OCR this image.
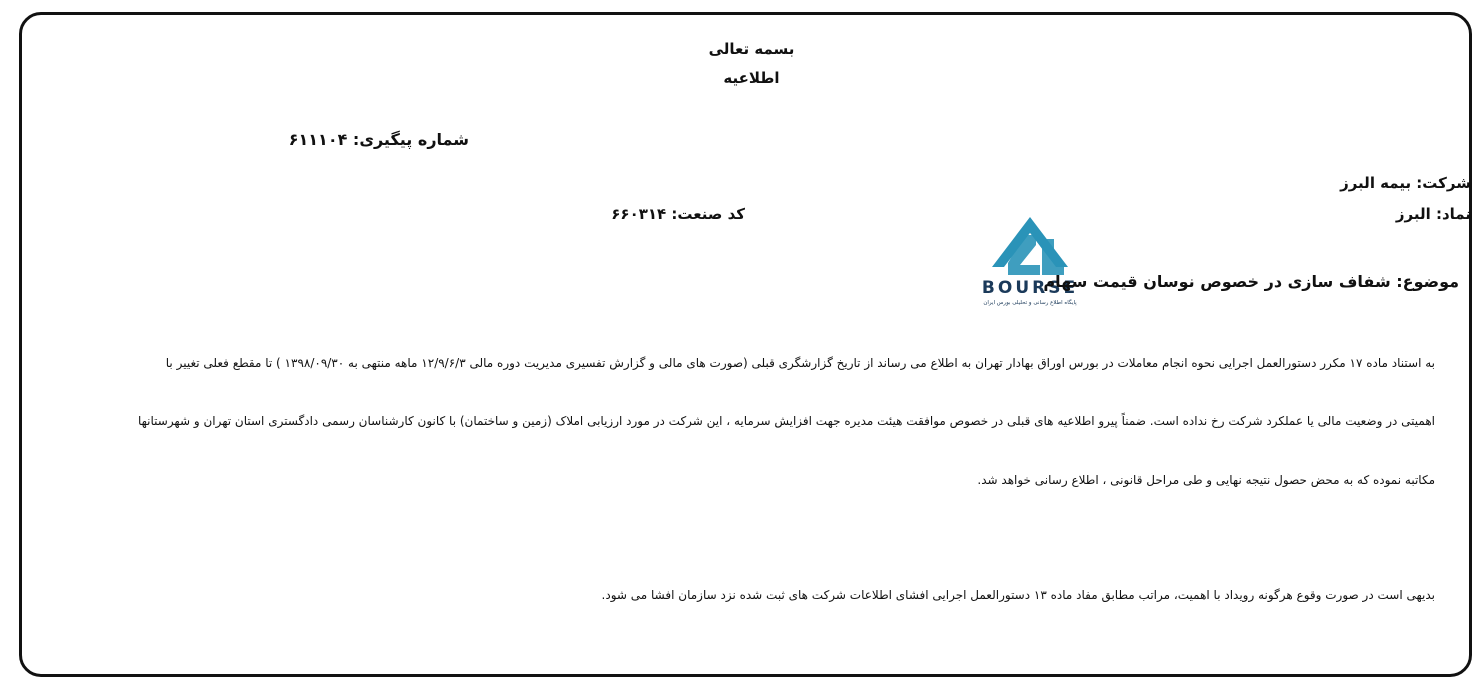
بسمه تعالی
اطلاعیه
شماره پیگیری: ۶۱۱۱۰۴
شرکت: بیمه البرز
نماد: البرز
کد صنعت: ۶۶۰۳۱۴
BOURSE
پایگاه اطلاع رسانی و تحلیلی بورس ایران
موضوع: شفاف سازی در خصوص نوسان قیمت سهام
به استناد ماده ۱۷ مکرر دستورالعمل اجرایی نحوه انجام معاملات در بورس اوراق بهادار تهران به اطلاع می رساند از تاریخ گزارشگری قبلی (صورت های مالی و گزارش تفسیری مدیریت دوره مالی ۱۲/۹/۶/۳ ماهه منتهی به ۱۳۹۸/۰۹/۳۰ ) تا مقطع فعلی تغییر با
اهمیتی در وضعیت مالی یا عملکرد شرکت رخ نداده است. ضمناً پیرو اطلاعیه های قبلی در خصوص موافقت هیئت مدیره جهت افزایش سرمایه ، این شرکت در مورد ارزیابی املاک (زمین و ساختمان) با کانون کارشناسان رسمی دادگستری استان تهران و شهرستانها
مکاتبه نموده که به محض حصول نتیجه نهایی و طی مراحل قانونی ، اطلاع رسانی خواهد شد.
بدیهی است در صورت وقوع هرگونه رویداد با اهمیت، مراتب مطابق مفاد ماده ۱۳ دستورالعمل اجرایی افشای اطلاعات شرکت های ثبت شده نزد سازمان افشا می شود.
